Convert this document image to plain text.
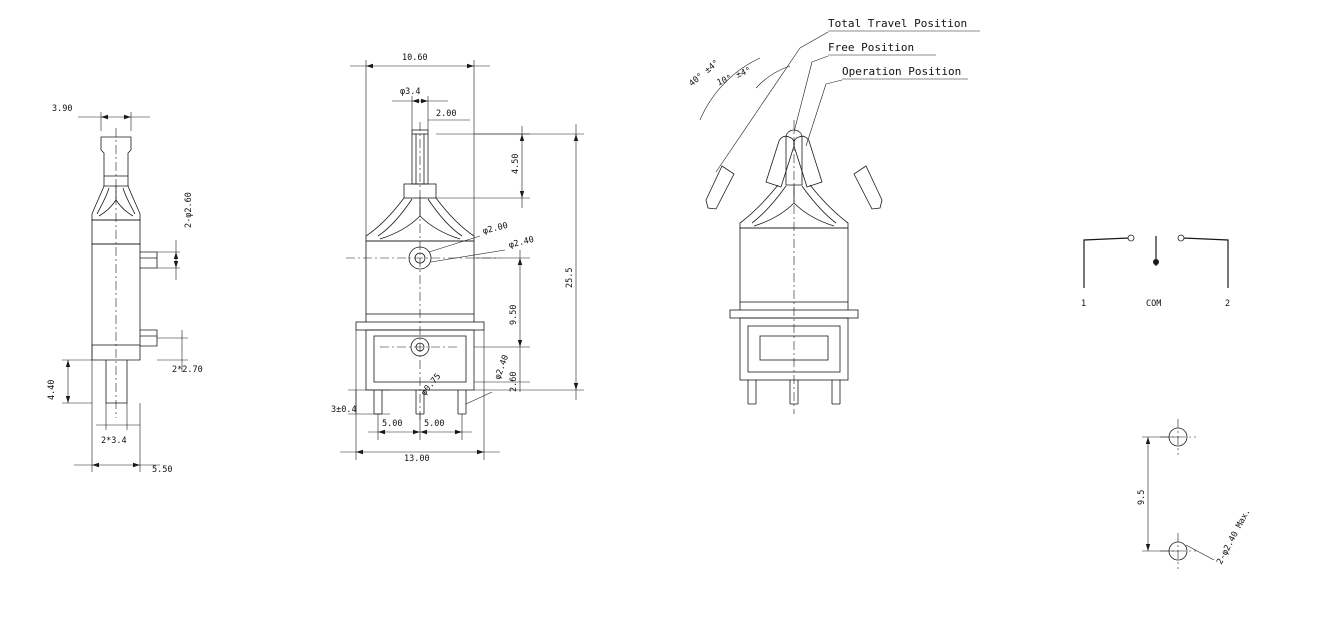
3.90
2-φ2.60
2*2.70
4.40
2*3.4
5.50
10.60
φ3.4
2.00
4.50
25.5
9.50
φ2.00
φ2.40
2.60
φ2.40
φ0.75
3±0.4
5.00	5.00
13.00
Total Travel Position
Free Position
Operation Position
40° ±4°
10° ±4°
1	COM	2
9.5
2-φ2.40 Max.
